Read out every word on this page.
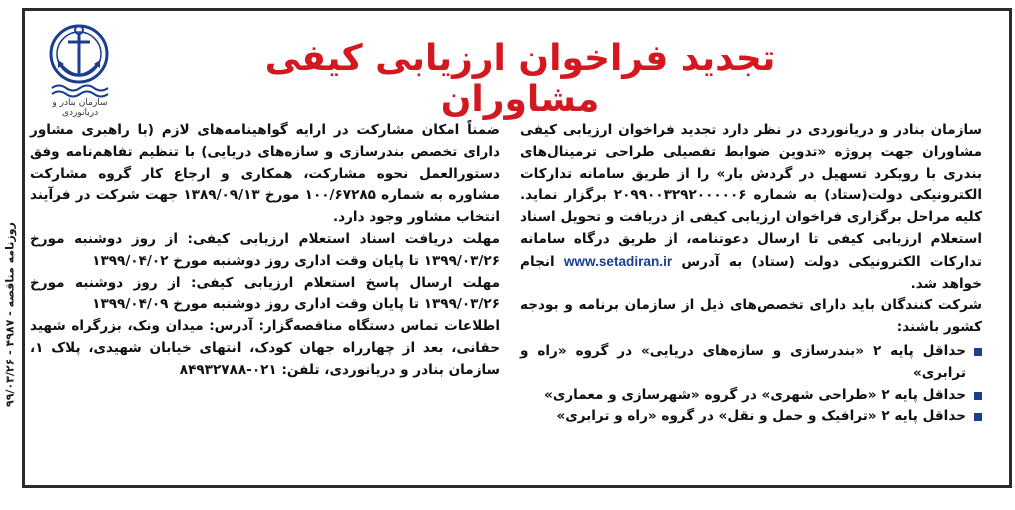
روزنامه مناقصه - ۴۹۸۷ - ۹۹/۰۳/۲۶
سازمان بنادر و دریانوردی
تجدید فراخوان ارزیابی کیفی مشاوران

سازمان بنادر و دریانوردی در نظر دارد تجدید فراخوان ارزیابی کیفی مشاوران جهت پروژه «تدوین ضوابط تفصیلی طراحی ترمینال‌های بندری با رویکرد تسهیل در گردش بار» را از طریق سامانه تدارکات الکترونیکی دولت(ستاد) به شماره ۲۰۹۹۰۰۳۲۹۲۰۰۰۰۰۶ برگزار نماید. کلیه مراحل برگزاری فراخوان ارزیابی کیفی از دریافت و تحویل اسناد استعلام ارزیابی کیفی تا ارسال دعوتنامه، از طریق درگاه سامانه تدارکات الکترونیکی دولت (ستاد) به آدرس www.setadiran.ir انجام خواهد شد.

شرکت کنندگان باید دارای تخصص‌های ذیل از سازمان برنامه و بودجه کشور باشند:

حداقل پایه ۲ «بندرسازی و سازه‌های دریایی» در گروه «راه و ترابری»
حداقل پایه ۲ «طراحی شهری» در گروه «شهرسازی و معماری»
حداقل پایه ۲ «ترافیک و حمل و نقل» در گروه «راه و ترابری»

ضمناً امکان مشارکت در ارایه گواهینامه‌های لازم (با راهبری مشاور دارای تخصص بندرسازی و سازه‌های دریایی) با تنظیم تفاهم‌نامه وفق دستورالعمل نحوه مشارکت، همکاری و ارجاع کار گروه مشارکت مشاوره به شماره ۱۰۰/۶۷۲۸۵ مورخ ۱۳۸۹/۰۹/۱۳ جهت شرکت در فرآیند انتخاب مشاور وجود دارد.

مهلت دریافت اسناد استعلام ارزیابی کیفی: از روز دوشنبه مورخ ۱۳۹۹/۰۳/۲۶ تا پایان وقت اداری روز دوشنبه مورخ ۱۳۹۹/۰۴/۰۲

مهلت ارسال پاسخ استعلام ارزیابی کیفی: از روز دوشنبه مورخ ۱۳۹۹/۰۳/۲۶ تا پایان وقت اداری روز دوشنبه مورخ ۱۳۹۹/۰۴/۰۹

اطلاعات تماس دستگاه مناقصه‌گزار: آدرس: میدان ونک، بزرگراه شهید حقانی، بعد از چهارراه جهان کودک، انتهای خیابان شهیدی، پلاک ۱، سازمان بنادر و دریانوردی، تلفن: ۰۲۱-۸۴۹۳۲۷۸۸
